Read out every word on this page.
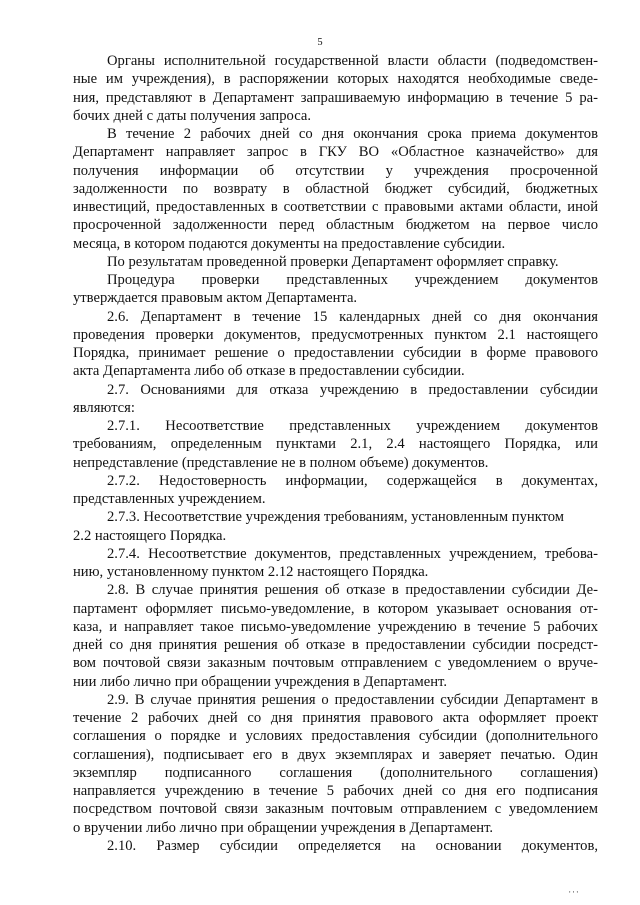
5
Органы исполнительной государственной власти области (подведомствен-
ные им учреждения), в распоряжении которых находятся необходимые сведе-
ния, представляют в Департамент запрашиваемую информацию в течение 5 ра-
бочих дней с даты получения запроса.
В течение 2 рабочих дней со дня окончания срока приема документов
Департамент направляет запрос в ГКУ ВО «Областное казначейство» для
получения информации об отсутствии у учреждения просроченной
задолженности по возврату в областной бюджет субсидий, бюджетных
инвестиций, предоставленных в соответствии с правовыми актами области, иной
просроченной задолженности перед областным бюджетом на первое число
месяца, в котором подаются документы на предоставление субсидии.
По результатам проведенной проверки Департамент оформляет справку.
Процедура проверки представленных учреждением документов
утверждается правовым актом Департамента.
2.6. Департамент в течение 15 календарных дней со дня окончания
проведения проверки документов, предусмотренных пунктом 2.1 настоящего
Порядка, принимает решение о предоставлении субсидии в форме правового
акта Департамента либо об отказе в предоставлении субсидии.
2.7. Основаниями для отказа учреждению в предоставлении субсидии
являются:
2.7.1. Несоответствие представленных учреждением документов
требованиям, определенным пунктами 2.1, 2.4 настоящего Порядка, или
непредставление (представление не в полном объеме) документов.
2.7.2. Недостоверность информации, содержащейся в документах,
представленных учреждением.
2.7.3. Несоответствие учреждения требованиям, установленным пунктом
2.2 настоящего Порядка.
2.7.4. Несоответствие документов, представленных учреждением, требова-
нию, установленному пунктом 2.12 настоящего Порядка.
2.8. В случае принятия решения об отказе в предоставлении субсидии Де-
партамент оформляет письмо-уведомление, в котором указывает основания от-
каза, и направляет такое письмо-уведомление учреждению в течение 5 рабочих
дней со дня принятия решения об отказе в предоставлении субсидии посредст-
вом почтовой связи заказным почтовым отправлением с уведомлением о вруче-
нии либо лично при обращении учреждения в Департамент.
2.9. В случае принятия решения о предоставлении субсидии Департамент в
течение 2 рабочих дней со дня принятия правового акта оформляет проект
соглашения о порядке и условиях предоставления субсидии (дополнительного
соглашения), подписывает его в двух экземплярах и заверяет печатью. Один
экземпляр подписанного соглашения (дополнительного соглашения)
направляется учреждению в течение 5 рабочих дней со дня его подписания
посредством почтовой связи заказным почтовым отправлением с уведомлением
о вручении либо лично при обращении учреждения в Департамент.
2.10. Размер субсидии определяется на основании документов,
' ' '
